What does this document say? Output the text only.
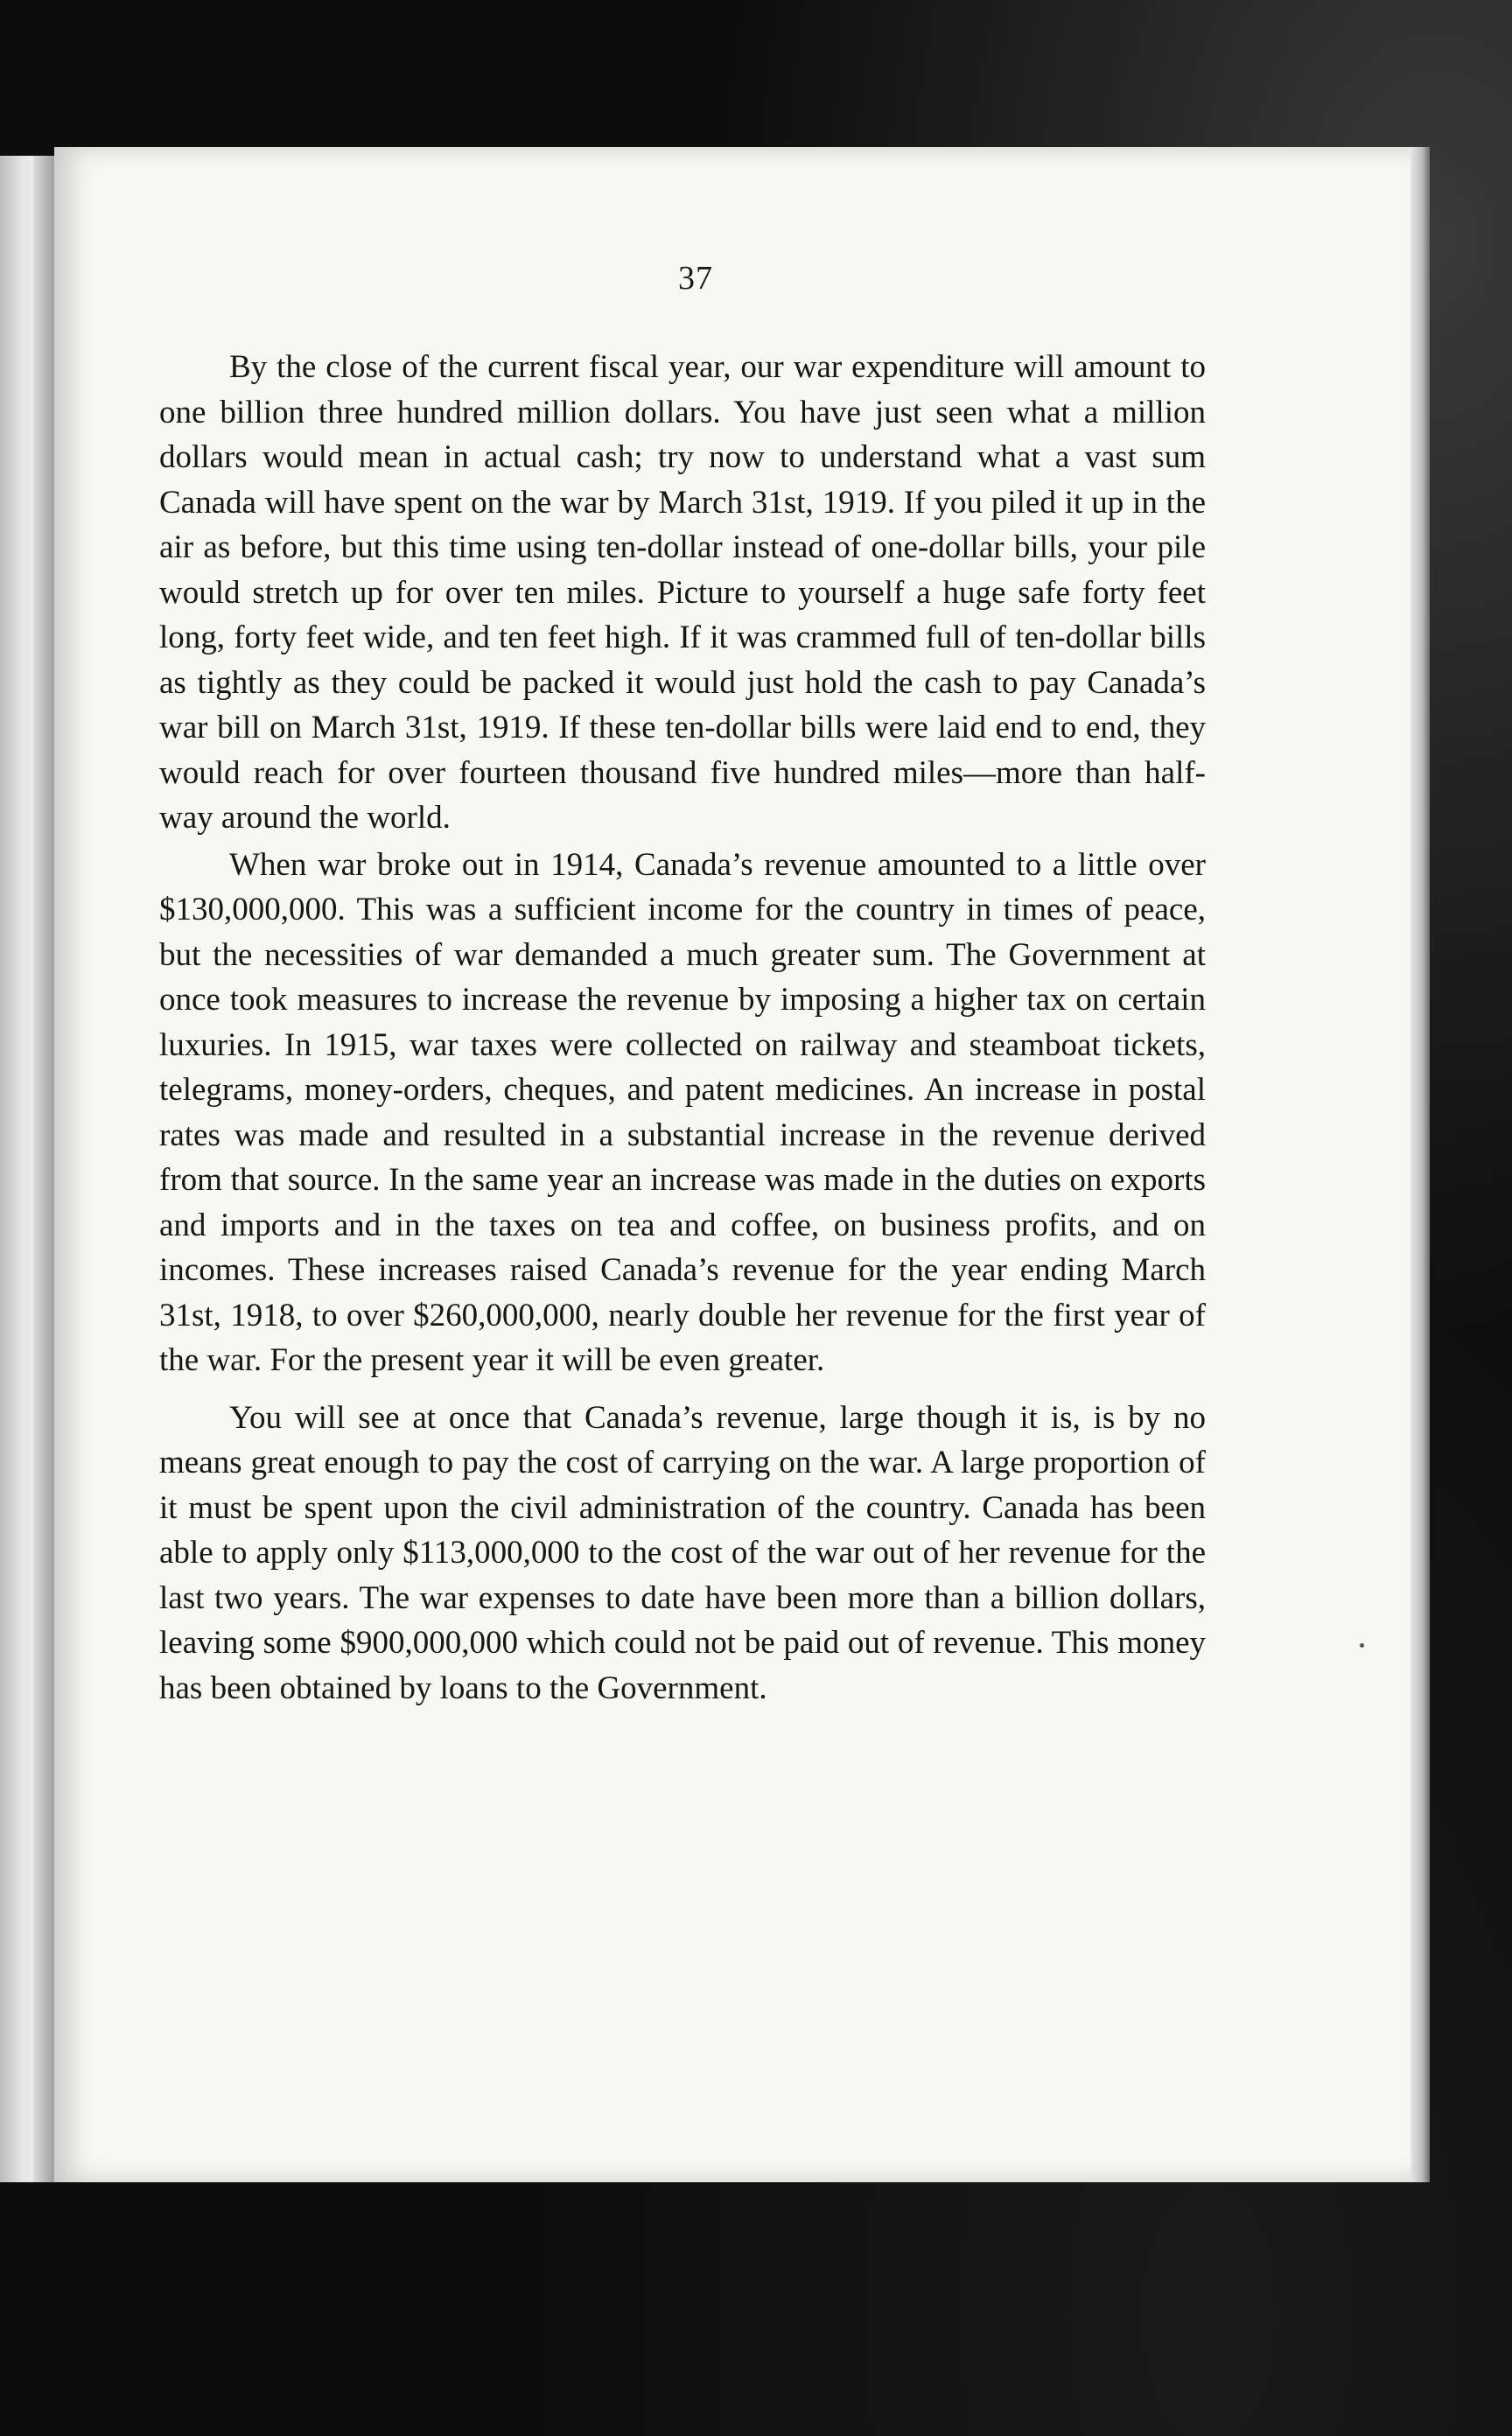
37

By the close of the current fiscal year, our war expenditure will amount to one billion three hundred million dollars. You have just seen what a million dollars would mean in actual cash; try now to understand what a vast sum Canada will have spent on the war by March 31st, 1919. If you piled it up in the air as before, but this time using ten-dollar instead of one-dollar bills, your pile would stretch up for over ten miles. Picture to yourself a huge safe forty feet long, forty feet wide, and ten feet high. If it was crammed full of ten-dollar bills as tightly as they could be packed it would just hold the cash to pay Canada’s war bill on March 31st, 1919. If these ten-dollar bills were laid end to end, they would reach for over fourteen thousand five hundred miles—more than half-way around the world.

When war broke out in 1914, Canada’s revenue amounted to a little over $130,000,000. This was a sufficient income for the country in times of peace, but the necessities of war demanded a much greater sum. The Government at once took measures to increase the revenue by imposing a higher tax on certain luxuries. In 1915, war taxes were collected on railway and steamboat tickets, telegrams, money-orders, cheques, and patent medicines. An increase in postal rates was made and resulted in a substantial increase in the revenue derived from that source. In the same year an increase was made in the duties on exports and imports and in the taxes on tea and coffee, on business profits, and on incomes. These increases raised Canada’s revenue for the year ending March 31st, 1918, to over $260,000,000, nearly double her revenue for the first year of the war. For the present year it will be even greater.

You will see at once that Canada’s revenue, large though it is, is by no means great enough to pay the cost of carrying on the war. A large proportion of it must be spent upon the civil administration of the country. Canada has been able to apply only $113,000,000 to the cost of the war out of her revenue for the last two years. The war expenses to date have been more than a billion dollars, leaving some $900,000,000 which could not be paid out of revenue. This money has been obtained by loans to the Government.
